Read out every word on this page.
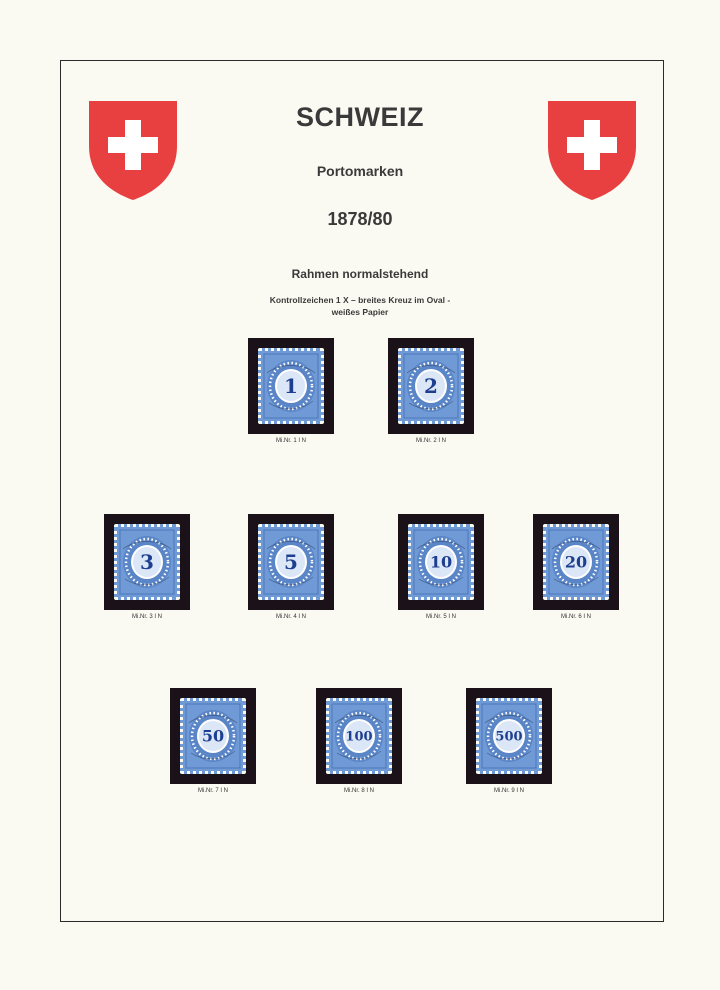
SCHWEIZ
Portomarken
1878/80
Rahmen normalstehend
Kontrollzeichen 1 X – breites Kreuz im Oval -
weißes Papier
1
Mi.Nr. 1 I N
2
Mi.Nr. 2 I N
3
Mi.Nr. 3 I N
5
Mi.Nr. 4 I N
10
Mi.Nr. 5 I N
20
Mi.Nr. 6 I N
50
Mi.Nr. 7 I N
100
Mi.Nr. 8 I N
500
Mi.Nr. 9 I N
